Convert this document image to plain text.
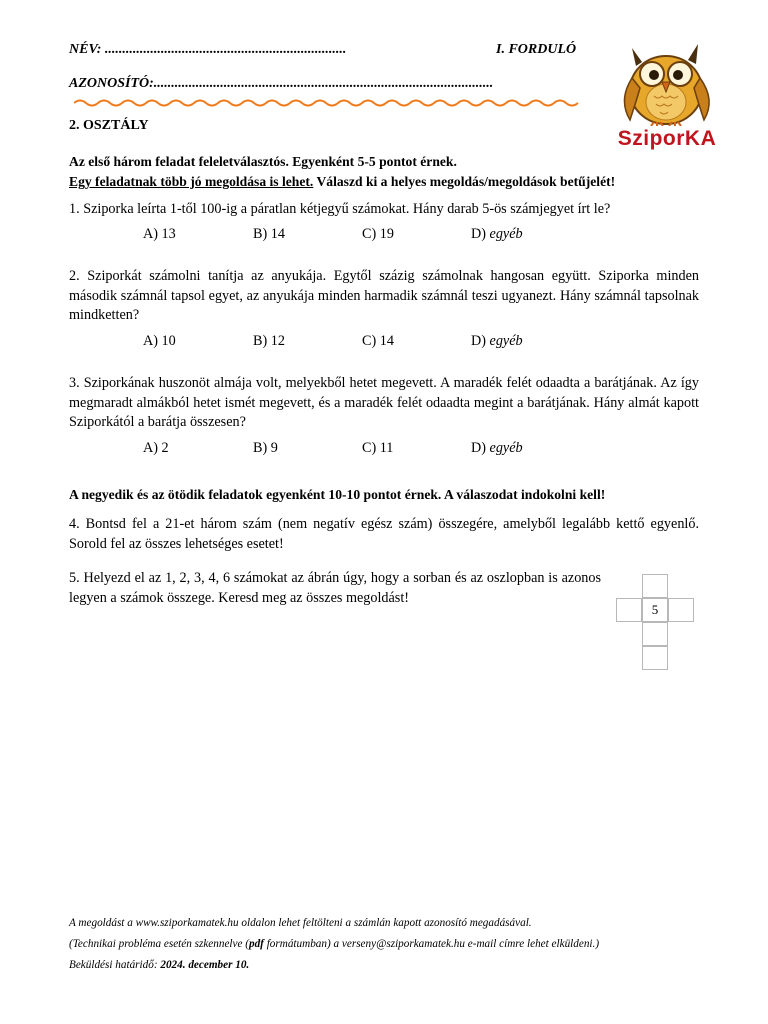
NÉV: .....................................................................	I. FORDULÓ
AZONOSÍTÓ:.................................................................................................
2. OSZTÁLY
SziporKA
Az első három feladat feleletválasztós. Egyenként 5-5 pontot érnek.
Egy feladatnak több jó megoldása is lehet. Válaszd ki a helyes megoldás/megoldások betűjelét!
1. Sziporka leírta 1-től 100-ig a páratlan kétjegyű számokat. Hány darab 5-ös számjegyet írt le?
A) 13	B) 14	C) 19	D) egyéb
2. Sziporkát számolni tanítja az anyukája. Egytől százig számolnak hangosan együtt. Sziporka minden második számnál tapsol egyet, az anyukája minden harmadik számnál teszi ugyanezt. Hány számnál tapsolnak mindketten?
A) 10	B) 12	C) 14	D) egyéb
3. Sziporkának huszonöt almája volt, melyekből hetet megevett. A maradék felét odaadta a barátjának. Az így megmaradt almákból hetet ismét megevett, és a maradék felét odaadta megint a barátjának. Hány almát kapott Sziporkától a barátja összesen?
A) 2	B) 9	C) 11	D) egyéb
A negyedik és az ötödik feladatok egyenként 10-10 pontot érnek. A válaszodat indokolni kell!
4. Bontsd fel a 21-et három szám (nem negatív egész szám) összegére, amelyből legalább kettő egyenlő. Sorold fel az összes lehetséges esetet!
5. Helyezd el az 1, 2, 3, 4, 6 számokat az ábrán úgy, hogy a sorban és az oszlopban is azonos legyen a számok összege. Keresd meg az összes megoldást!
5
A megoldást a www.sziporkamatek.hu oldalon lehet feltölteni a számlán kapott azonosító megadásával.
(Technikai probléma esetén szkennelve (pdf formátumban) a verseny@sziporkamatek.hu e-mail címre lehet elküldeni.)
Beküldési határidő: 2024. december 10.
